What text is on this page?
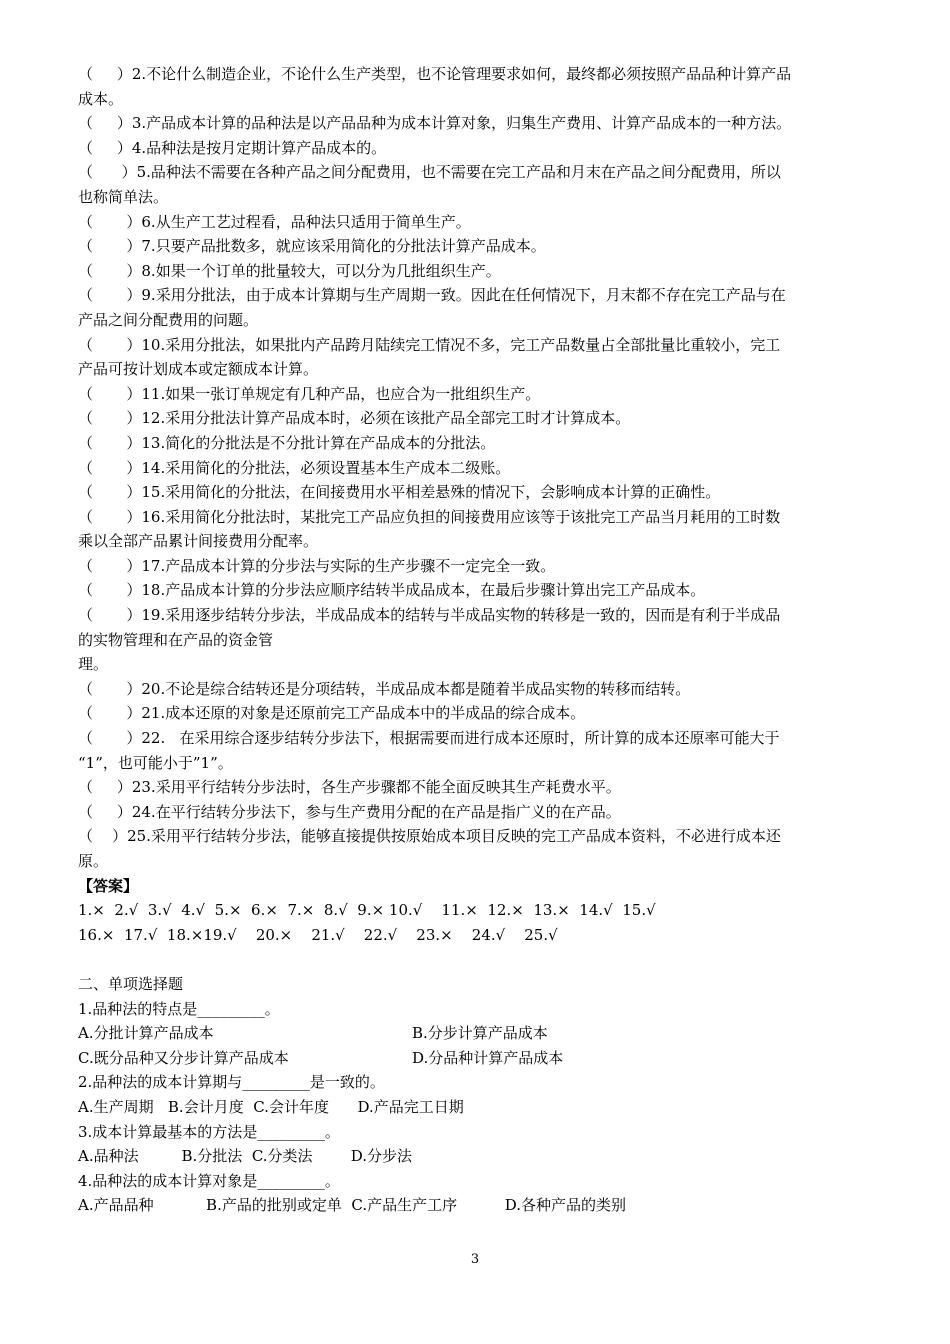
（     ）2.不论什么制造企业，不论什么生产类型，也不论管理要求如何，最终都必须按照产品品种计算产品
成本。
（     ）3.产品成本计算的品种法是以产品品种为成本计算对象，归集生产费用、计算产品成本的一种方法。
（     ）4.品种法是按月定期计算产品成本的。
（      ）5.品种法不需要在各种产品之间分配费用，也不需要在完工产品和月末在产品之间分配费用，所以
也称简单法。
（       ）6.从生产工艺过程看，品种法只适用于简单生产。
（       ）7.只要产品批数多，就应该采用简化的分批法计算产品成本。
（       ）8.如果一个订单的批量较大，可以分为几批组织生产。
（       ）9.采用分批法，由于成本计算期与生产周期一致。因此在任何情况下，月末都不存在完工产品与在
产品之间分配费用的问题。
（       ）10.采用分批法，如果批内产品跨月陆续完工情况不多，完工产品数量占全部批量比重较小，完工
产品可按计划成本或定额成本计算。
（       ）11.如果一张订单规定有几种产品，也应合为一批组织生产。
（       ）12.采用分批法计算产品成本时，必须在该批产品全部完工时才计算成本。
（       ）13.简化的分批法是不分批计算在产品成本的分批法。
（       ）14.采用简化的分批法，必须设置基本生产成本二级账。
（       ）15.采用简化的分批法，在间接费用水平相差悬殊的情况下，会影响成本计算的正确性。
（       ）16.采用简化分批法时，某批完工产品应负担的间接费用应该等于该批完工产品当月耗用的工时数
乘以全部产品累计间接费用分配率。
（       ）17.产品成本计算的分步法与实际的生产步骤不一定完全一致。
（       ）18.产品成本计算的分步法应顺序结转半成品成本，在最后步骤计算出完工产品成本。
（       ）19.采用逐步结转分步法，半成品成本的结转与半成品实物的转移是一致的，因而是有利于半成品
的实物管理和在产品的资金管
理。
（       ）20.不论是综合结转还是分项结转，半成品成本都是随着半成品实物的转移而结转。
（       ）21.成本还原的对象是还原前完工产品成本中的半成品的综合成本。
（       ）22.   在采用综合逐步结转分步法下，根据需要而进行成本还原时，所计算的成本还原率可能大于
“1”，也可能小于”1”。
（     ）23.采用平行结转分步法时，各生产步骤都不能全面反映其生产耗费水平。
（     ）24.在平行结转分步法下，参与生产费用分配的在产品是指广义的在产品。
（    ）25.采用平行结转分步法，能够直接提供按原始成本项目反映的完工产品成本资料，不必进行成本还
原。
【答案】
1.×  2.√  3.√  4.√  5.×  6.×  7.×  8.√  9.× 10.√    11.×  12.×  13.×  14.√  15.√
16.×  17.√  18.×19.√    20.×    21.√    22.√    23.×    24.√    25.√
二、单项选择题
1.品种法的特点是_________。
A.分批计算产品成本	B.分步计算产品成本
C.既分品种又分步计算产品成本	D.分品种计算产品成本
2.品种法的成本计算期与_________是一致的。
A.生产周期   B.会计月度  C.会计年度      D.产品完工日期
3.成本计算最基本的方法是_________。
A.品种法         B.分批法  C.分类法        D.分步法
4.品种法的成本计算对象是_________。
A.产品品种           B.产品的批别或定单  C.产品生产工序          D.各种产品的类别
3
